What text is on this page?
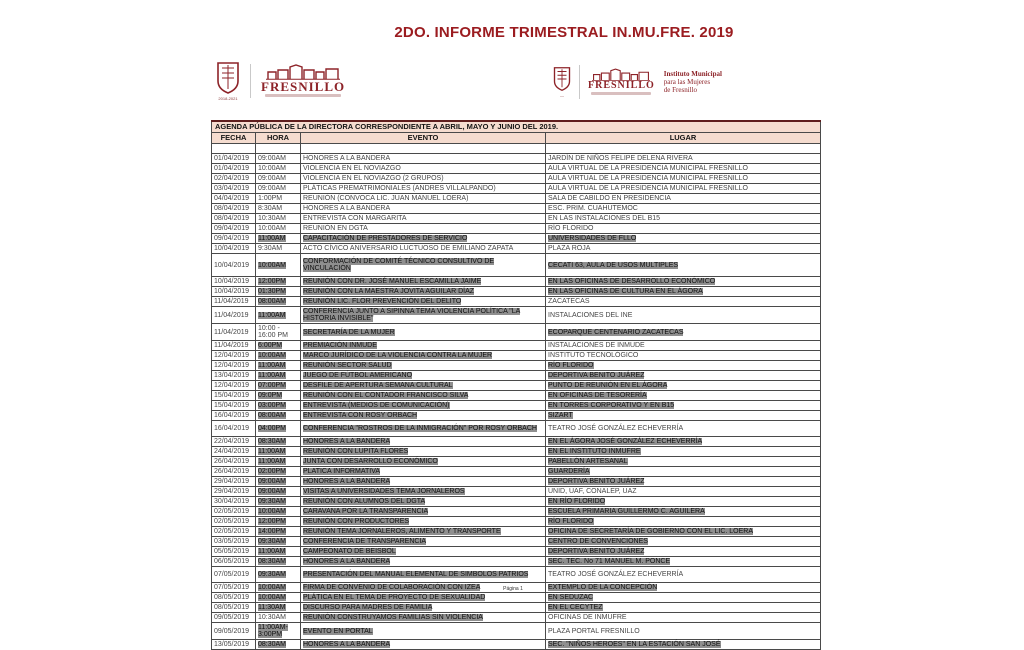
2DO. INFORME TRIMESTRAL IN.MU.FRE. 2019
2018-2021
FRESNILLO
―
FRESNILLO
Instituto Municipal
para las Mujeres
de Fresnillo
AGENDA PÚBLICA DE LA DIRECTORA CORRESPONDIENTE A ABRIL, MAYO Y JUNIO DEL 2019.			
FECHA	HORA	EVENTO	LUGAR

01/04/2019	09:00AM	HONORES A LA BANDERA	JARDÍN DE NIÑOS FELIPE DELENA RIVERA
01/04/2019	10:00AM	VIOLENCIA EN EL NOVIAZGO	AULA VIRTUAL DE LA PRESIDENCIA MUNICIPAL FRESNILLO
02/04/2019	09:00AM	VIOLENCIA EN EL NOVIAZGO (2 GRUPOS)	AULA VIRTUAL DE LA PRESIDENCIA MUNICIPAL FRESNILLO
03/04/2019	09:00AM	PLÁTICAS PREMATRIMONIALES (ANDRES VILLALPANDO)	AULA VIRTUAL DE LA PRESIDENCIA MUNICIPAL FRESNILLO
04/04/2019	1:00PM	REUNIÓN (CONVOCA LIC. JUAN MANUEL LOERA)	SALA DE CABILDO EN PRESIDENCIA
08/04/2019	8:30AM	HONORES A LA BANDERA	ESC. PRIM. CUAHUTEMOC
08/04/2019	10:30AM	ENTREVISTA CON MARGARITA	EN LAS INSTALACIONES DEL B15
09/04/2019	10:00AM	REUNIÓN EN DGTA	RÍO FLORIDO
09/04/2019	11:00AM	CAPACITACIÓN DE PRESTADORES DE SERVICIO	UNIVERSIDADES DE FLLO
10/04/2019	9:30AM	ACTO CÍVICO ANIVERSARIO LUCTUOSO DE EMILIANO ZAPATA	PLAZA ROJA
10/04/2019	10:00AM	CONFORMACIÓN DE COMITÉ TÉCNICO CONSULTIVO DE VINCULACIÓN	CECATI 63, AULA DE USOS MULTIPLES
10/04/2019	12:00PM	REUNIÓN CON DR. JOSÉ MANUEL ESCAMILLA JAIME	EN LAS OFICINAS DE DESARROLLO ECONÓMICO
10/04/2019	01:30PM	REUNIÓN CON LA MAESTRA JOVITA AGUILAR DÍAZ	EN LAS OFICINAS DE CULTURA EN EL ÁGORA
11/04/2019	08:00AM	REUNIÓN LIC. FLOR PREVENCIÓN DEL DELITO	ZACATECAS
11/04/2019	11:00AM	CONFERENCIA JUNTO A SIPINNA TEMA VIOLENCIA POLÍTICA "LA HISTORIA INVISIBLE"	INSTALACIONES DEL INE
11/04/2019	10:00 - 16:00 PM	SECRETARÍA DE LA MUJER	ECOPARQUE CENTENARIO ZACATECAS
11/04/2019	6:00PM	PREMIACIÓN INMUDE	INSTALACIONES DE INMUDE
12/04/2019	10:00AM	MARCO JURÍDICO DE LA VIOLENCIA CONTRA LA MUJER	INSTITUTO TECNOLÓGICO
12/04/2019	11:00AM	REUNIÓN SECTOR SALUD	RÍO FLORIDO
13/04/2019	11:00AM	JUEGO DE FÚTBOL AMERICANO	DEPORTIVA BENITO JUÁREZ
12/04/2019	07:00PM	DESFILE DE APERTURA SEMANA CULTURAL	PUNTO DE REUNIÓN EN EL ÁGORA
15/04/2019	09:0PM	REUNIÓN CON EL CONTADOR FRANCISCO SILVA	EN OFICINAS DE TESORERÍA
15/04/2019	03:00PM	ENTREVISTA (MEDIOS DE COMUNICACIÓN)	EN TORRES CORPORATIVO Y EN B15
16/04/2019	08:00AM	ENTREVISTA CON ROSY ORBACH	SIZART
16/04/2019	04:00PM	CONFERENCIA "ROSTROS DE LA INMIGRACIÓN" POR ROSY ORBACH	TEATRO JOSÉ GONZÁLEZ ECHEVERRÍA
22/04/2019	08:30AM	HONORES A LA BANDERA	EN EL ÁGORA JOSÉ GONZÁLEZ ECHEVERRÍA
24/04/2019	11:00AM	REUNIÓN CON LUPITA FLORES	EN EL INSTITUTO INMUFRE
26/04/2019	11:00AM	JUNTA CON DESARROLLO ECONÓMICO	PABELLÓN ARTESANAL
26/04/2019	02:00PM	PLATICA INFORMATIVA	GUARDERÍA
29/04/2019	09:00AM	HONORES A LA BANDERA	DEPORTIVA BENITO JUÁREZ
29/04/2019	09:00AM	VISITAS A UNIVERSIDADES TEMA JORNALEROS	UNID, UAF, CONALEP, UAZ
30/04/2019	09:30AM	REUNIÓN CON ALUMNOS DEL DGTA	EN RÍO FLORIDO
02/05/2019	10:00AM	CARAVANA POR LA TRANSPARENCIA	ESCUELA PRIMARIA GUILLERMO C. AGUILERA
02/05/2019	12:00PM	REUNIÓN CON PRODUCTORES	RÍO FLORIDO
02/05/2019	14:00PM	REUNIÓN TEMA JORNALEROS, ALIMENTO Y TRANSPORTE	OFICINA DE SECRETARÍA DE GOBIERNO CON EL LIC. LOERA
03/05/2019	09:30AM	CONFERENCIA DE TRANSPARENCIA	CENTRO DE CONVENCIONES
05/05/2019	11:00AM	CAMPEONATO DE BEISBOL	DEPORTIVA BENITO JUÁREZ
06/05/2019	08:30AM	HONORES A LA BANDERA	SEC. TEC. No 71 MANUEL M. PONCE
07/05/2019	09:30AM	PRESENTACIÓN DEL MANUAL ELEMENTAL DE SIMBOLOS PATRIOS	TEATRO JOSÉ GONZÁLEZ ECHEVERRÍA
07/05/2019	10:00AM	FIRMA DE CONVENIO DE COLABORACIÓN CON IZEA	EXTEMPLO DE LA CONCEPCIÓN
08/05/2019	10:00AM	PLÁTICA EN EL TEMA DE PROYECTO DE SEXUALIDAD	EN SEDUZAC
08/05/2019	11:30AM	DISCURSO PARA MADRES DE FAMILIA	EN EL CECYTEZ
09/05/2019	10:30AM	REUNIÓN CONSTRUYAMOS FAMILIAS SIN VIOLENCIA	OFICINAS DE INMUFRE
09/05/2019	11:00AM-3:00PM	EVENTO EN PORTAL	PLAZA PORTAL FRESNILLO
13/05/2019	08:30AM	HONORES A LA BANDERA	SEC. "NIÑOS HEROES" EN LA ESTACIÓN SAN JOSÉ
Página 1
